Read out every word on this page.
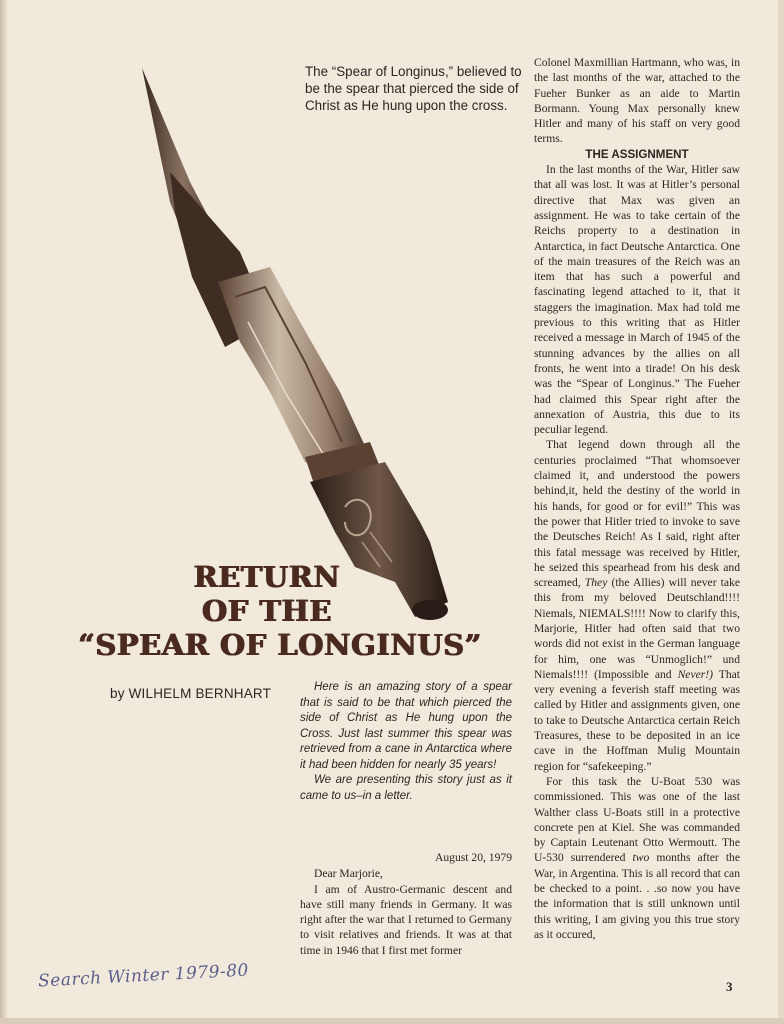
The “Spear of Longinus,” believed to be the spear that pierced the side of Christ as He hung upon the cross.
RETURN
OF THE
“SPEAR OF LONGINUS”
by WILHELM BERNHART	Here is an amazing story of a spear that is said to be that which pierced the side of Christ as He hung upon the Cross. Just last summer this spear was retrieved from a cane in Antarctica where it had been hidden for nearly 35 years!

We are presenting this story just as it came to us–in a letter.

August 20, 1979

Dear Marjorie,

I am of Austro-Germanic descent and have still many friends in Germany. It was right after the war that I returned to Germany to visit relatives and friends. It was at that time in 1946 that I first met former

Colonel Maxmillian Hartmann, who was, in the last months of the war, attached to the Fueher Bunker as an aide to Martin Bormann. Young Max personally knew Hitler and many of his staff on very good terms.

THE ASSIGNMENT

In the last months of the War, Hitler saw that all was lost. It was at Hitler’s personal directive that Max was given an assignment. He was to take certain of the Reichs property to a destination in Antarctica, in fact Deutsche Antarctica. One of the main treasures of the Reich was an item that has such a powerful and fascinating legend attached to it, that it staggers the imagination. Max had told me previous to this writing that as Hitler received a message in March of 1945 of the stunning advances by the allies on all fronts, he went into a tirade! On his desk was the “Spear of Longinus.” The Fueher had claimed this Spear right after the annexation of Austria, this due to its peculiar legend.

That legend down through all the centuries proclaimed “That whomsoever claimed it, and understood the powers behind,it, held the destiny of the world in his hands, for good or for evil!” This was the power that Hitler tried to invoke to save the Deutsches Reich! As I said, right after this fatal message was received by Hitler, he seized this spearhead from his desk and screamed, They (the Allies) will never take this from my beloved Deutschland!!!! Niemals, NIEMALS!!!! Now to clarify this, Marjorie, Hitler had often said that two words did not exist in the German language for him, one was “Unmoglich!” und Niemals!!!! (Impossible and Never!) That very evening a feverish staff meeting was called by Hitler and assignments given, one to take to Deutsche Antarctica certain Reich Treasures, these to be deposited in an ice cave in the Hoffman Mulig Mountain region for “safekeeping.”

For this task the U-Boat 530 was commissioned. This was one of the last Walther class U-Boats still in a protective concrete pen at Kiel. She was commanded by Captain Leutenant Otto Wermoutt. The U-530 surrendered two months after the War, in Argentina. This is all record that can be checked to a point. . .so now you have the information that is still unknown until this writing, I am giving you this true story as it occured,

Search Winter 1979-80	3
